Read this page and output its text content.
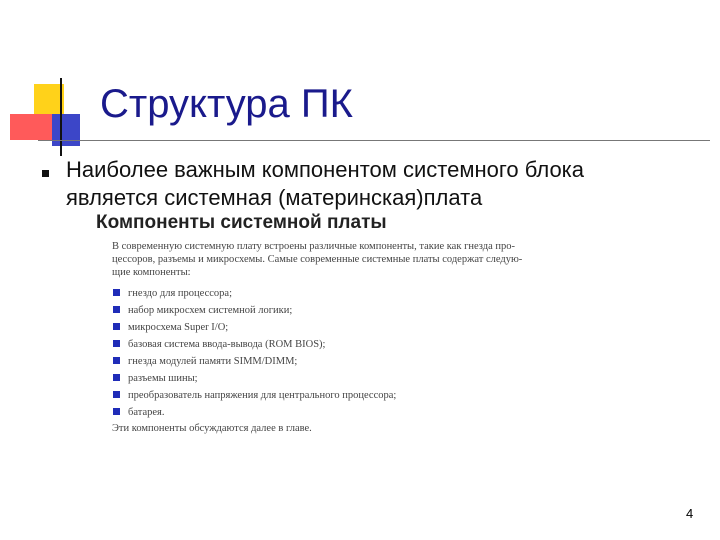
Структура ПК
Наиболее важным компонентом системного блока
является системная (материнская)плата
Компоненты системной платы
В современную системную плату встроены различные компоненты, такие как гнезда про-
цессоров, разъемы и микросхемы. Самые современные системные платы содержат следую-
щие компоненты:
гнездо для процессора;
набор микросхем системной логики;
микросхема Super I/O;
базовая система ввода-вывода (ROM BIOS);
гнезда модулей памяти SIMM/DIMM;
разъемы шины;
преобразователь напряжения для центрального процессора;
батарея.
Эти компоненты обсуждаются далее в главе.
4
